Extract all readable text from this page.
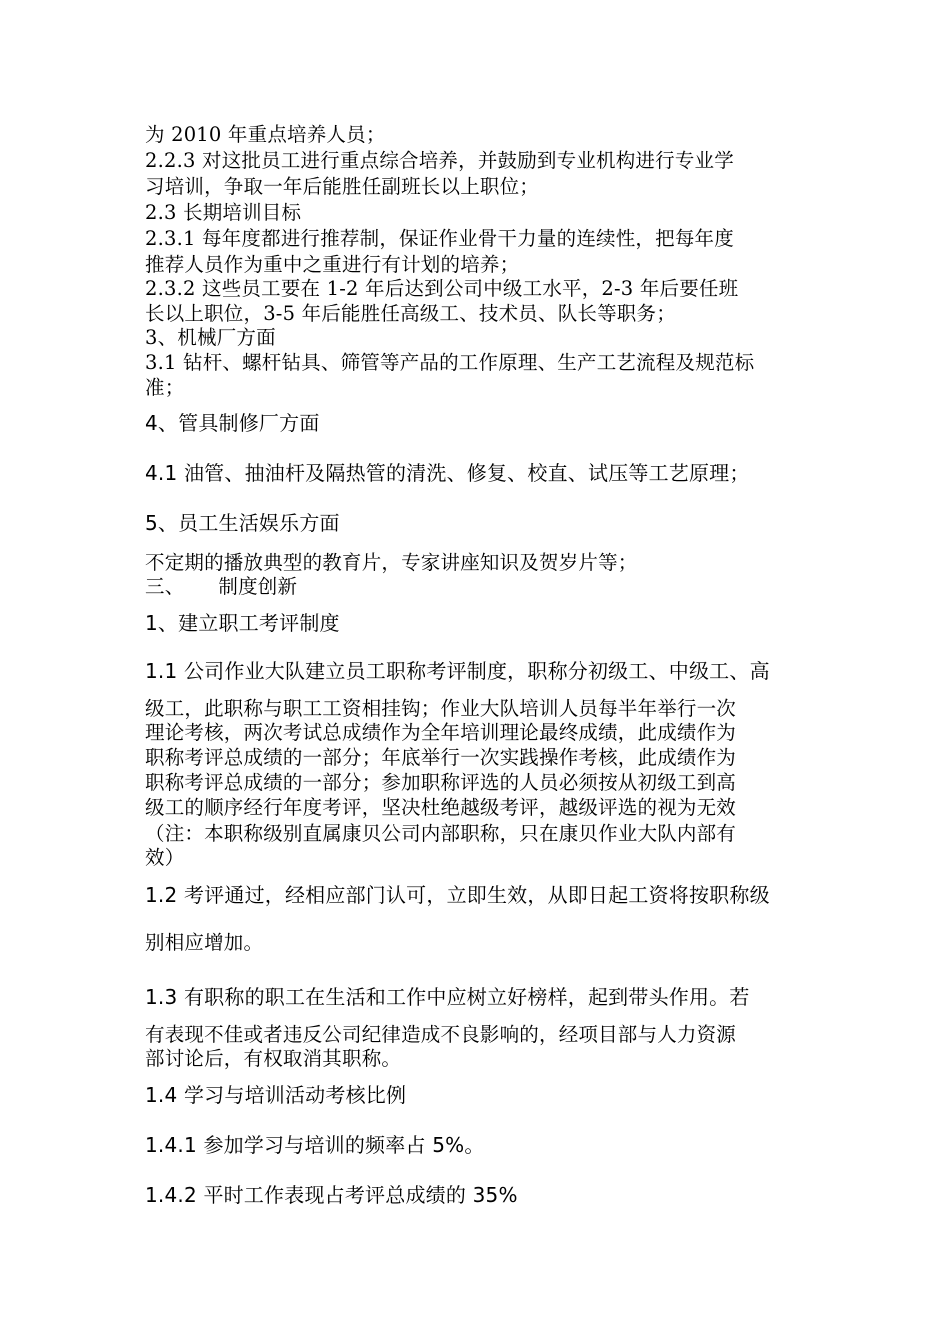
为 2010 年重点培养人员；
2.2.3 对这批员工进行重点综合培养，并鼓励到专业机构进行专业学
习培训，争取一年后能胜任副班长以上职位；
2.3 长期培训目标
2.3.1 每年度都进行推荐制，保证作业骨干力量的连续性，把每年度
推荐人员作为重中之重进行有计划的培养；
2.3.2 这些员工要在 1-2 年后达到公司中级工水平，2-3 年后要任班
长以上职位，3-5 年后能胜任高级工、技术员、队长等职务；
3、机械厂方面
3.1 钻杆、螺杆钻具、筛管等产品的工作原理、生产工艺流程及规范标
准；
4、管具制修厂方面
4.1 油管、抽油杆及隔热管的清洗、修复、校直、试压等工艺原理；
5、员工生活娱乐方面
不定期的播放典型的教育片，专家讲座知识及贺岁片等；
三、 制度创新
1、建立职工考评制度
1.1 公司作业大队建立员工职称考评制度，职称分初级工、中级工、高
级工，此职称与职工工资相挂钩；作业大队培训人员每半年举行一次
理论考核，两次考试总成绩作为全年培训理论最终成绩，此成绩作为
职称考评总成绩的一部分；年底举行一次实践操作考核，此成绩作为
职称考评总成绩的一部分；参加职称评选的人员必须按从初级工到高
级工的顺序经行年度考评，坚决杜绝越级考评，越级评选的视为无效
（注：本职称级别直属康贝公司内部职称，只在康贝作业大队内部有
效）
1.2 考评通过，经相应部门认可，立即生效，从即日起工资将按职称级
别相应增加。
1.3 有职称的职工在生活和工作中应树立好榜样，起到带头作用。若
有表现不佳或者违反公司纪律造成不良影响的，经项目部与人力资源
部讨论后，有权取消其职称。
1.4 学习与培训活动考核比例
1.4.1 参加学习与培训的频率占 5%。
1.4.2 平时工作表现占考评总成绩的 35%
